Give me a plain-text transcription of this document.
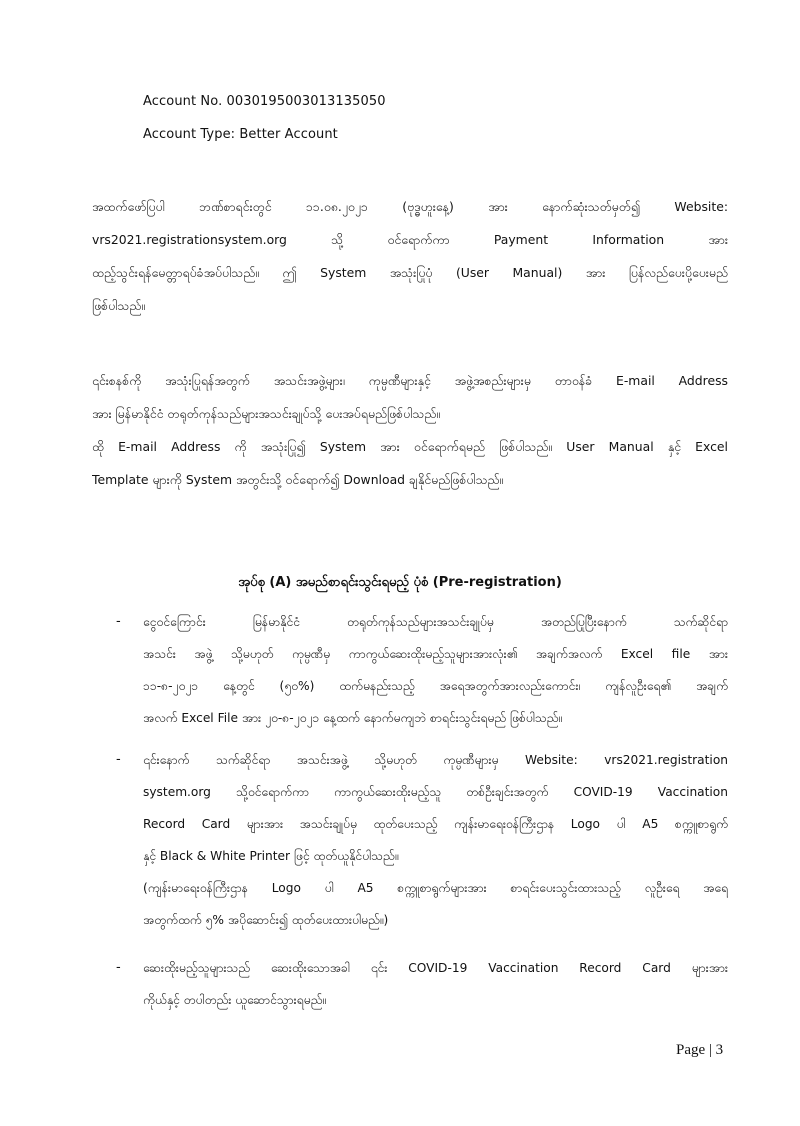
Account No. 0030195003013135050
Account Type: Better Account
အထက်ဖော်ပြပါ ဘဏ်စာရင်းတွင် ၁၁.၀၈.၂၀၂၁ (ဗုဒ္ဓဟူးနေ့) အား နောက်ဆုံးသတ်မှတ်၍ Website:
vrs2021.registrationsystem.org သို့ ဝင်ရောက်ကာ Payment Information အား
ထည့်သွင်းရန်မေတ္တာရပ်ခံအပ်ပါသည်။ ဤ System အသုံးပြုပုံ (User Manual) အား ပြန်လည်ပေးပို့ပေးမည်
ဖြစ်ပါသည်။
၎င်းစနစ်ကို အသုံးပြုရန်အတွက် အသင်းအဖွဲ့များ၊ ကုမ္ပဏီများနှင့် အဖွဲ့အစည်းများမှ တာဝန်ခံ E-mail Address
အား မြန်မာနိုင်ငံ တရုတ်ကုန်သည်များအသင်းချုပ်သို့ ပေးအပ်ရမည်ဖြစ်ပါသည်။
ထို E-mail Address ကို အသုံးပြု၍ System အား ဝင်ရောက်ရမည် ဖြစ်ပါသည်။ User Manual နှင့် Excel
Template များကို System အတွင်းသို့ ဝင်ရောက်၍ Download ချနိုင်မည်ဖြစ်ပါသည်။
အုပ်စု (A) အမည်စာရင်းသွင်းရမည့် ပုံစံ (Pre-registration)
- ငွေဝင်ကြောင်း မြန်မာနိုင်ငံ တရုတ်ကုန်သည်များအသင်းချုပ်မှ အတည်ပြုပြီးနောက် သက်ဆိုင်ရာ
အသင်း အဖွဲ့ သို့မဟုတ် ကုမ္ပဏီမှ ကာကွယ်ဆေးထိုးမည့်သူများအားလုံး၏ အချက်အလက် Excel file အား
၁၁-၈-၂၀၂၁ နေ့တွင် (၅၀%) ထက်မနည်းသည့် အရေအတွက်အားလည်းကောင်း၊ ကျန်လူဦးရေ၏ အချက်
အလက် Excel File အား ၂၀-၈-၂၀၂၁ နေ့ထက် နောက်မကျဘဲ စာရင်းသွင်းရမည် ဖြစ်ပါသည်။
- ၎င်းနောက် သက်ဆိုင်ရာ အသင်းအဖွဲ့ သို့မဟုတ် ကုမ္ပဏီများမှ Website: vrs2021.registration
system.org သို့ဝင်ရောက်ကာ ကာကွယ်ဆေးထိုးမည့်သူ တစ်ဦးချင်းအတွက် COVID-19 Vaccination
Record Card များအား အသင်းချုပ်မှ ထုတ်ပေးသည့် ကျန်းမာရေးဝန်ကြီးဌာန Logo ပါ A5 စက္ကူစာရွက်
နှင့် Black & White Printer ဖြင့် ထုတ်ယူနိုင်ပါသည်။
(ကျန်းမာရေးဝန်ကြီးဌာန Logo ပါ A5 စက္ကူစာရွက်များအား စာရင်းပေးသွင်းထားသည့် လူဦးရေ အရေ
အတွက်ထက် ၅% အပိုဆောင်း၍ ထုတ်ပေးထားပါမည်။)
- ဆေးထိုးမည့်သူများသည် ဆေးထိုးသောအခါ ၎င်း COVID-19 Vaccination Record Card များအား
ကိုယ်နှင့် တပါတည်း ယူဆောင်သွားရမည်။
Page | 3
